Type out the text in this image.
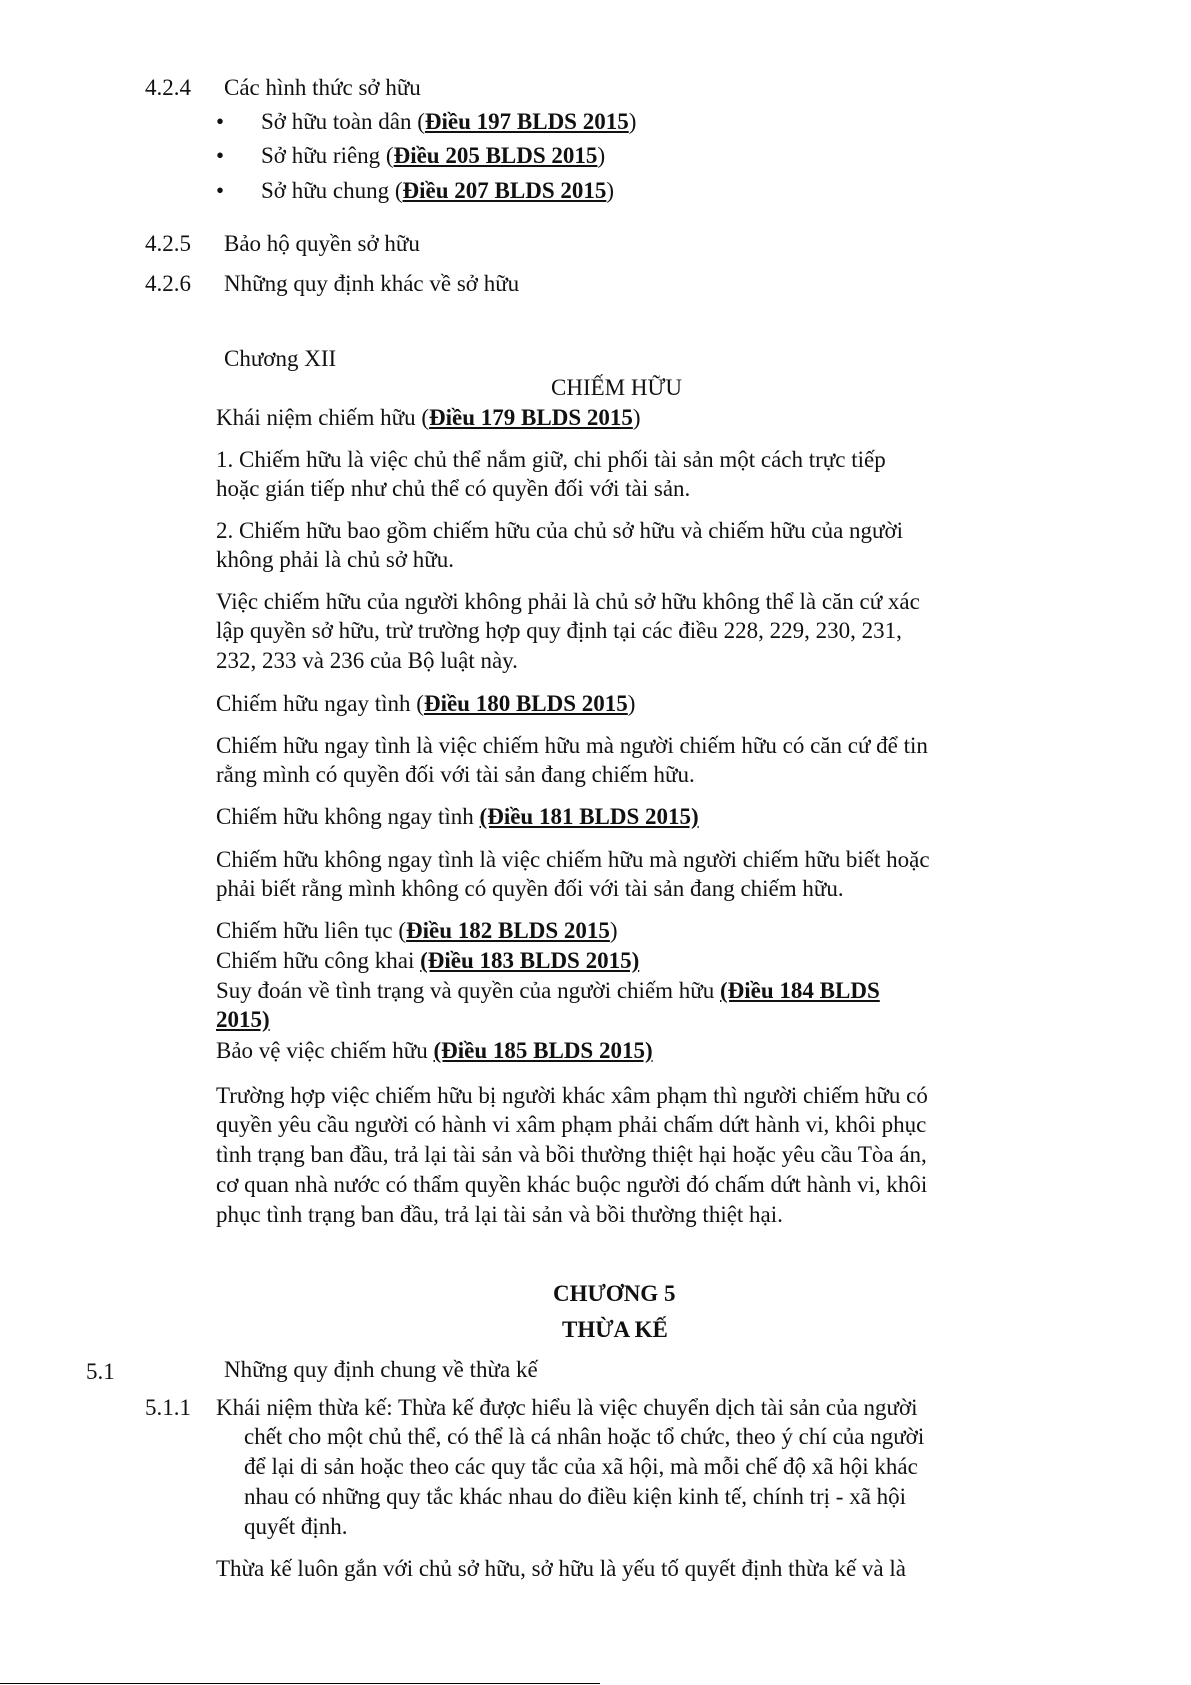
4.2.4 Các hình thức sở hữu
• Sở hữu toàn dân (Điều 197 BLDS 2015)
• Sở hữu riêng (Điều 205 BLDS 2015)
• Sở hữu chung (Điều 207 BLDS 2015)
4.2.5 Bảo hộ quyền sở hữu
4.2.6 Những quy định khác về sở hữu
Chương XII
CHIẾM HỮU
Khái niệm chiếm hữu (Điều 179 BLDS 2015)
1. Chiếm hữu là việc chủ thể nắm giữ, chi phối tài sản một cách trực tiếp
hoặc gián tiếp như chủ thể có quyền đối với tài sản.
2. Chiếm hữu bao gồm chiếm hữu của chủ sở hữu và chiếm hữu của người
không phải là chủ sở hữu.
Việc chiếm hữu của người không phải là chủ sở hữu không thể là căn cứ xác
lập quyền sở hữu, trừ trường hợp quy định tại các điều 228, 229, 230, 231,
232, 233 và 236 của Bộ luật này.
Chiếm hữu ngay tình (Điều 180 BLDS 2015)
Chiếm hữu ngay tình là việc chiếm hữu mà người chiếm hữu có căn cứ để tin
rằng mình có quyền đối với tài sản đang chiếm hữu.
Chiếm hữu không ngay tình (Điều 181 BLDS 2015)
Chiếm hữu không ngay tình là việc chiếm hữu mà người chiếm hữu biết hoặc
phải biết rằng mình không có quyền đối với tài sản đang chiếm hữu.
Chiếm hữu liên tục (Điều 182 BLDS 2015)
Chiếm hữu công khai (Điều 183 BLDS 2015)
Suy đoán về tình trạng và quyền của người chiếm hữu (Điều 184 BLDS
2015)
Bảo vệ việc chiếm hữu (Điều 185 BLDS 2015)
Trường hợp việc chiếm hữu bị người khác xâm phạm thì người chiếm hữu có
quyền yêu cầu người có hành vi xâm phạm phải chấm dứt hành vi, khôi phục
tình trạng ban đầu, trả lại tài sản và bồi thường thiệt hại hoặc yêu cầu Tòa án,
cơ quan nhà nước có thẩm quyền khác buộc người đó chấm dứt hành vi, khôi
phục tình trạng ban đầu, trả lại tài sản và bồi thường thiệt hại.
CHƯƠNG 5
THỪA KẾ
5.1	Những quy định chung về thừa kế
5.1.1 Khái niệm thừa kế: Thừa kế được hiểu là việc chuyển dịch tài sản của người
chết cho một chủ thể, có thể là cá nhân hoặc tổ chức, theo ý chí của người
để lại di sản hoặc theo các quy tắc của xã hội, mà mỗi chế độ xã hội khác
nhau có những quy tắc khác nhau do điều kiện kinh tế, chính trị - xã hội
quyết định.
Thừa kế luôn gắn với chủ sở hữu, sở hữu là yếu tố quyết định thừa kế và là
